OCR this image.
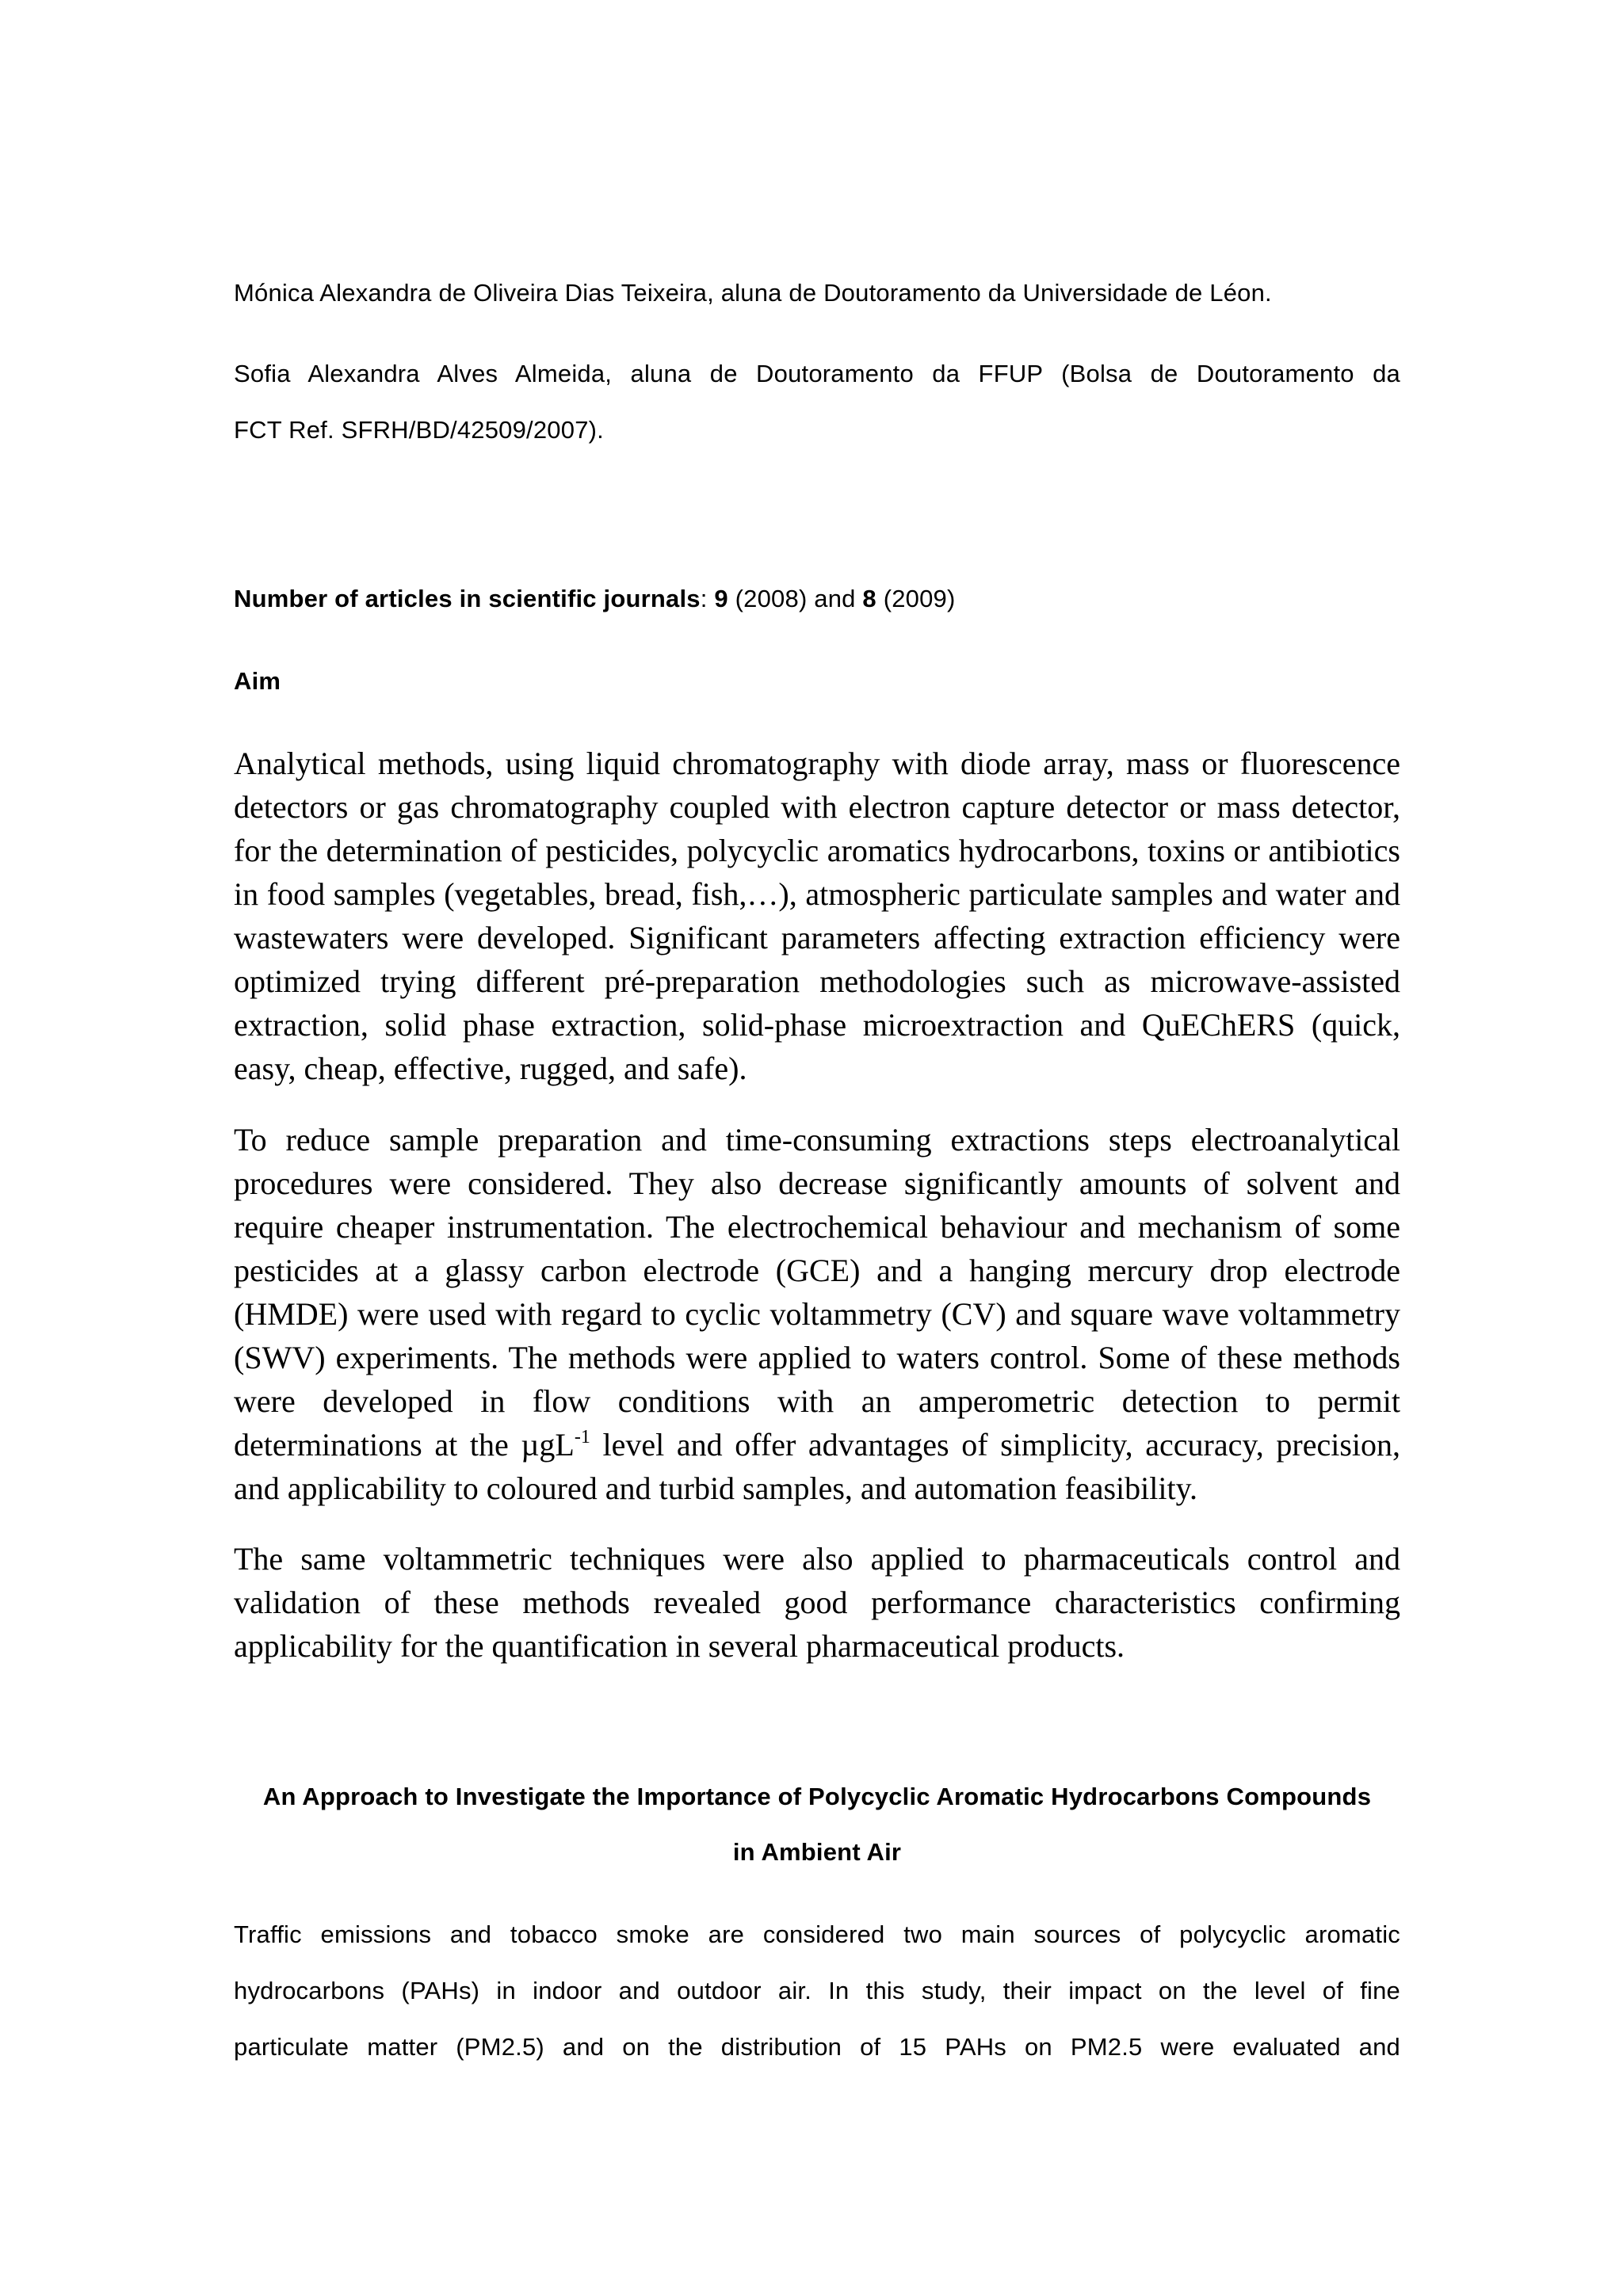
Mónica Alexandra de Oliveira Dias Teixeira, aluna de Doutoramento da Universidade de Léon.

Sofia Alexandra Alves Almeida, aluna de Doutoramento da FFUP (Bolsa de Doutoramento da

FCT Ref. SFRH/BD/42509/2007).

Number of articles in scientific journals: 9 (2008) and 8 (2009)

Aim

Analytical methods, using liquid chromatography with diode array, mass or fluorescence detectors or gas chromatography coupled with electron capture detector or mass detector, for the determination of pesticides, polycyclic aromatics hydrocarbons, toxins or antibiotics in food samples (vegetables, bread, fish,…), atmospheric particulate samples and water and wastewaters were developed. Significant parameters affecting extraction efficiency were optimized trying different pré-preparation methodologies such as microwave-assisted extraction, solid phase extraction, solid-phase microextraction and QuEChERS (quick, easy, cheap, effective, rugged, and safe).

To reduce sample preparation and time-consuming extractions steps electroanalytical procedures were considered. They also decrease significantly amounts of solvent and require cheaper instrumentation. The electrochemical behaviour and mechanism of some pesticides at a glassy carbon electrode (GCE) and a hanging mercury drop electrode (HMDE) were used with regard to cyclic voltammetry (CV) and square wave voltammetry (SWV) experiments. The methods were applied to waters control. Some of these methods were developed in flow conditions with an amperometric detection to permit determinations at the µgL$^{-1}$ level and offer advantages of simplicity, accuracy, precision, and applicability to coloured and turbid samples, and automation feasibility.

The same voltammetric techniques were also applied to pharmaceuticals control and validation of these methods revealed good performance characteristics confirming applicability for the quantification in several pharmaceutical products.

An Approach to Investigate the Importance of Polycyclic Aromatic Hydrocarbons Compounds

in Ambient Air

Traffic emissions and tobacco smoke are considered two main sources of polycyclic aromatic

hydrocarbons (PAHs) in indoor and outdoor air. In this study, their impact on the level of fine

particulate matter (PM2.5) and on the distribution of 15 PAHs on PM2.5 were evaluated and
